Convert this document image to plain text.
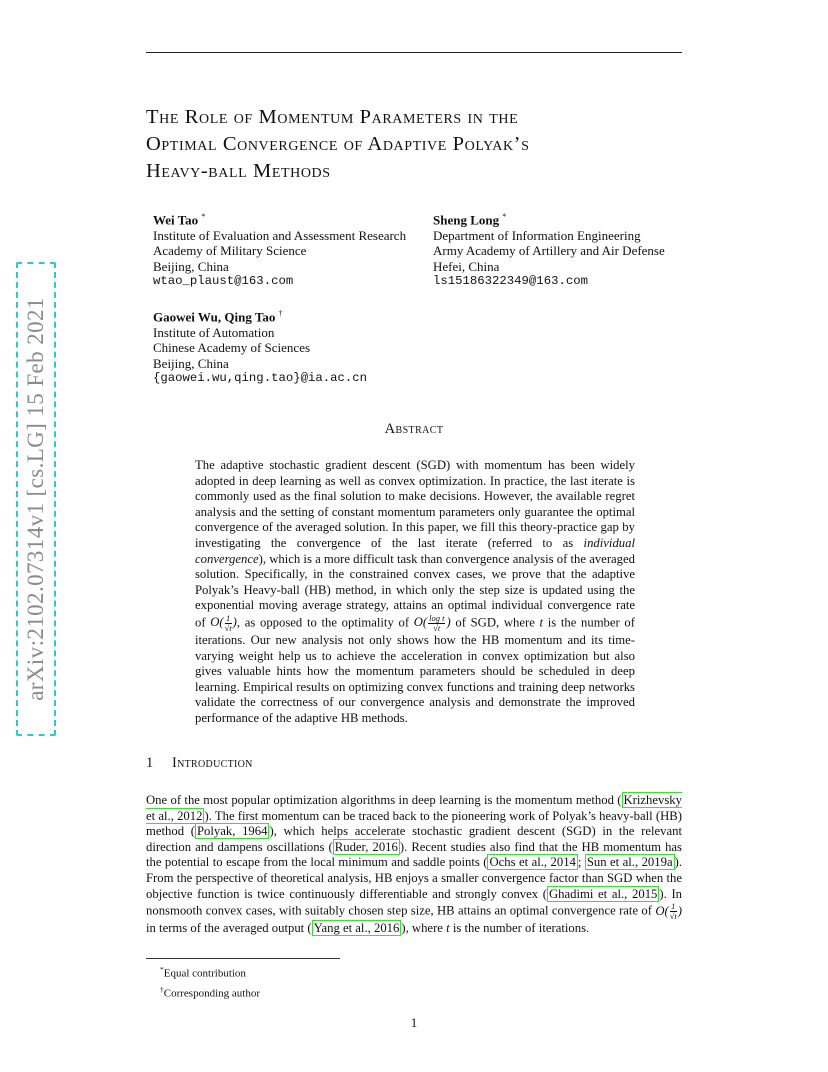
arXiv:2102.07314v1 [cs.LG] 15 Feb 2021
The Role of Momentum Parameters in the
Optimal Convergence of Adaptive Polyak’s
Heavy-ball Methods
Wei Tao *
Institute of Evaluation and Assessment Research
Academy of Military Science
Beijing, China
wtao_plaust@163.com
Sheng Long *
Department of Information Engineering
Army Academy of Artillery and Air Defense
Hefei, China
ls15186322349@163.com
Gaowei Wu, Qing Tao †
Institute of Automation
Chinese Academy of Sciences
Beijing, China
{gaowei.wu,qing.tao}@ia.ac.cn
Abstract

The adaptive stochastic gradient descent (SGD) with momentum has been widely adopted in deep learning as well as convex optimization. In practice, the last iterate is commonly used as the final solution to make decisions. However, the available regret analysis and the setting of constant momentum parameters only guarantee the optimal convergence of the averaged solution. In this paper, we fill this theory-practice gap by investigating the convergence of the last iterate (referred to as individual convergence), which is a more difficult task than convergence analysis of the averaged solution. Specifically, in the constrained convex cases, we prove that the adaptive Polyak’s Heavy-ball (HB) method, in which only the step size is updated using the exponential moving average strategy, attains an optimal individual convergence rate of $O( \frac{1}{√t}$ ), as opposed to the optimality of $O( \frac{\text{log t}}{√t}$ ) of SGD, where t is the number of iterations. Our new analysis not only shows how the HB momentum and its time-varying weight help us to achieve the acceleration in convex optimization but also gives valuable hints how the momentum parameters should be scheduled in deep learning. Empirical results on optimizing convex functions and training deep networks validate the correctness of our convergence analysis and demonstrate the improved performance of the adaptive HB methods.

1 Introduction

One of the most popular optimization algorithms in deep learning is the momentum method ( Krizhevsky et al., 2012 ). The first momentum can be traced back to the pioneering work of Polyak’s heavy-ball (HB) method ( Polyak, 1964 ), which helps accelerate stochastic gradient descent (SGD) in the relevant direction and dampens oscillations ( Ruder, 2016 ). Recent studies also find that the HB momentum has the potential to escape from the local minimum and saddle points ( Ochs et al., 2014 ; Sun et al., 2019a ). From the perspective of theoretical analysis, HB enjoys a smaller convergence factor than SGD when the objective function is twice continuously differentiable and strongly convex ( Ghadimi et al., 2015 ). In nonsmooth convex cases, with suitably chosen step size, HB attains an optimal convergence rate of $O( \frac{1}{√t}$ ) in terms of the averaged output ( Yang et al., 2016 ), where t is the number of iterations.

*Equal contribution
†Corresponding author
1
